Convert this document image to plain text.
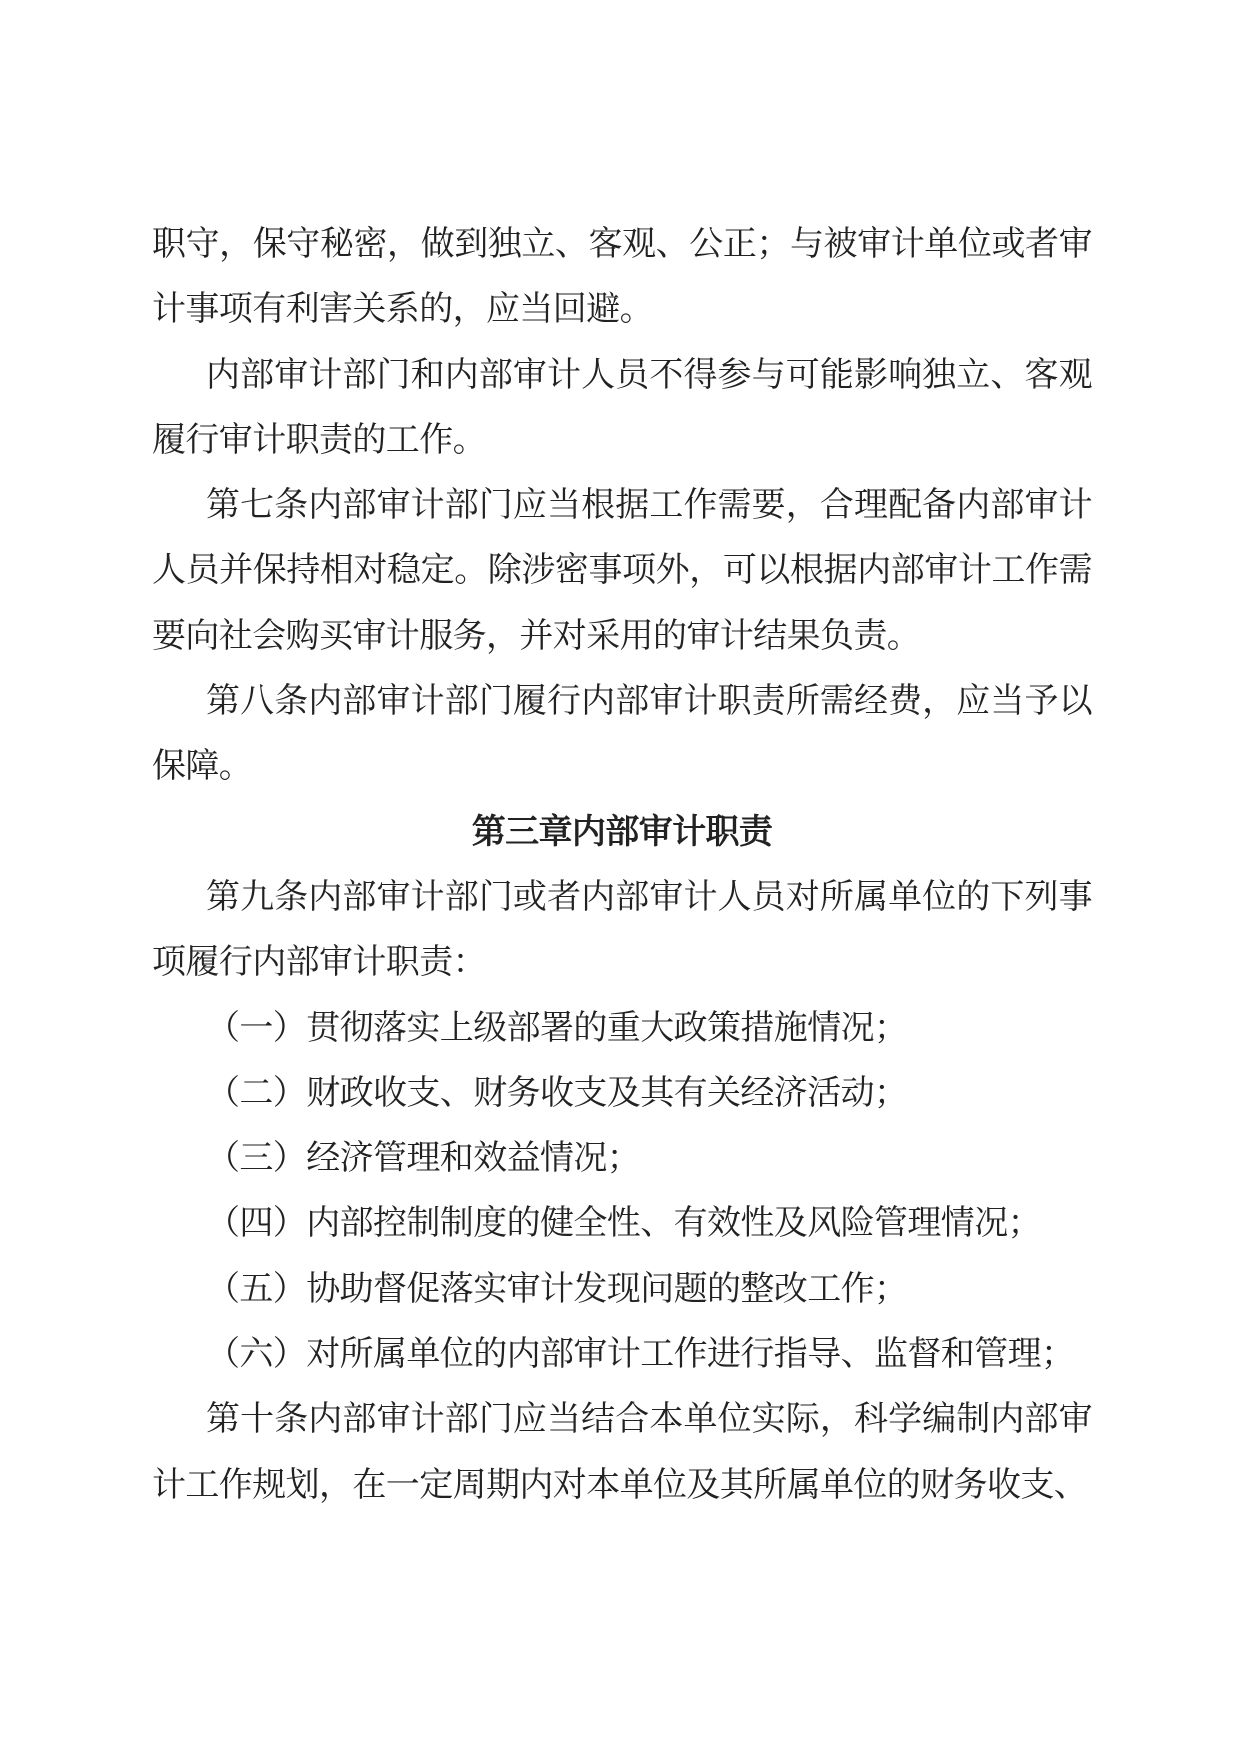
职守，保守秘密，做到独立、客观、公正；与被审计单位或者审计事项有利害关系的，应当回避。

内部审计部门和内部审计人员不得参与可能影响独立、客观履行审计职责的工作。

第七条内部审计部门应当根据工作需要，合理配备内部审计人员并保持相对稳定。除涉密事项外，可以根据内部审计工作需要向社会购买审计服务，并对采用的审计结果负责。

第八条内部审计部门履行内部审计职责所需经费，应当予以保障。

第三章内部审计职责

第九条内部审计部门或者内部审计人员对所属单位的下列事项履行内部审计职责：

（一）贯彻落实上级部署的重大政策措施情况；

（二）财政收支、财务收支及其有关经济活动；

（三）经济管理和效益情况；

（四）内部控制制度的健全性、有效性及风险管理情况；

（五）协助督促落实审计发现问题的整改工作；

（六）对所属单位的内部审计工作进行指导、监督和管理；

第十条内部审计部门应当结合本单位实际，科学编制内部审计工作规划，在一定周期内对本单位及其所属单位的财务收支、
